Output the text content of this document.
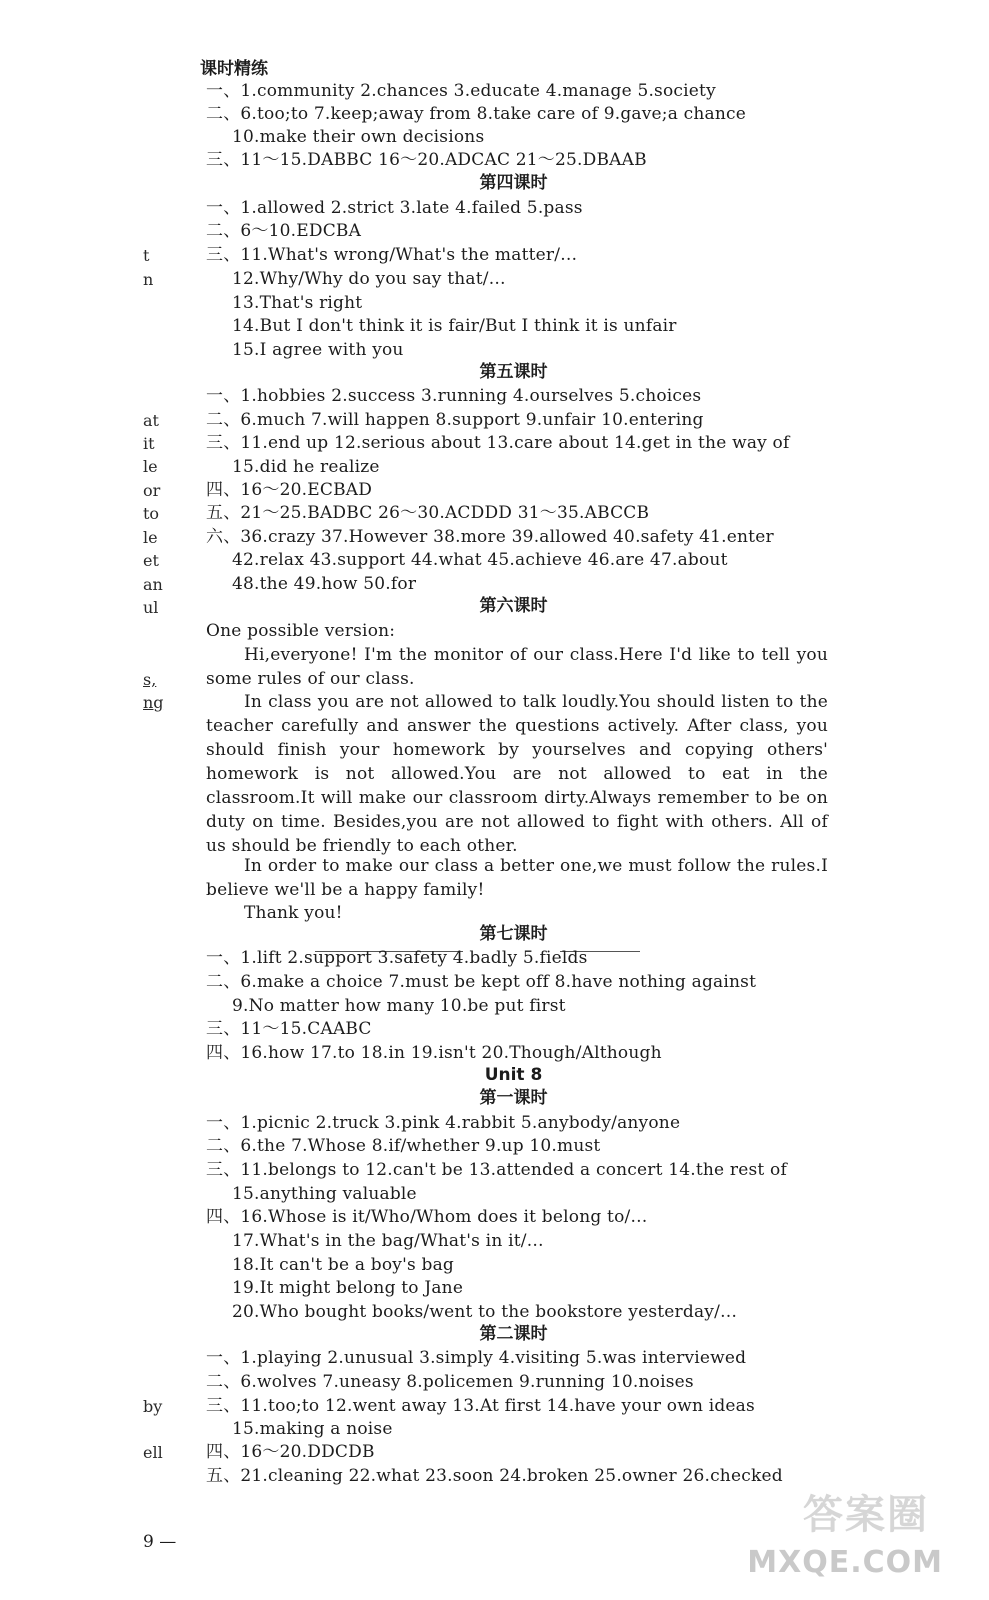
t
n
at
it
le
or
to
le
et
an
ul
s,
ng
by
ell
课时精练
一、1.community 2.chances 3.educate 4.manage 5.society
二、6.too;to 7.keep;away from 8.take care of 9.gave;a chance
10.make their own decisions
三、11～15.DABBC 16～20.ADCAC 21～25.DBAAB
第四课时
一、1.allowed 2.strict 3.late 4.failed 5.pass
二、6～10.EDCBA
三、11.What's wrong/What's the matter/…
12.Why/Why do you say that/…
13.That's right
14.But I don't think it is fair/But I think it is unfair
15.I agree with you
第五课时
一、1.hobbies 2.success 3.running 4.ourselves 5.choices
二、6.much 7.will happen 8.support 9.unfair 10.entering
三、11.end up 12.serious about 13.care about 14.get in the way of
15.did he realize
四、16～20.ECBAD
五、21～25.BADBC 26～30.ACDDD 31～35.ABCCB
六、36.crazy 37.However 38.more 39.allowed 40.safety 41.enter
42.relax 43.support 44.what 45.achieve 46.are 47.about
48.the 49.how 50.for
第六课时
One possible version:
Hi,everyone! I'm the monitor of our class.Here I'd like to tell you some rules of our class.
In class you are not allowed to talk loudly.You should listen to the teacher carefully and answer the questions actively. After class, you should finish your homework by yourselves and copying others' homework is not allowed.You are not allowed to eat in the classroom.It will make our classroom dirty.Always remember to be on duty on time. Besides,you are not allowed to fight with others. All of us should be friendly to each other.
In order to make our class a better one,we must follow the rules.I believe we'll be a happy family!
Thank you!
第七课时
一、1.lift 2.support 3.safety 4.badly 5.fields
二、6.make a choice 7.must be kept off 8.have nothing against
9.No matter how many 10.be put first
三、11～15.CAABC
四、16.how 17.to 18.in 19.isn't 20.Though/Although
Unit 8
第一课时
一、1.picnic 2.truck 3.pink 4.rabbit 5.anybody/anyone
二、6.the 7.Whose 8.if/whether 9.up 10.must
三、11.belongs to 12.can't be 13.attended a concert 14.the rest of
15.anything valuable
四、16.Whose is it/Who/Whom does it belong to/…
17.What's in the bag/What's in it/…
18.It can't be a boy's bag
19.It might belong to Jane
20.Who bought books/went to the bookstore yesterday/…
第二课时
一、1.playing 2.unusual 3.simply 4.visiting 5.was interviewed
二、6.wolves 7.uneasy 8.policemen 9.running 10.noises
三、11.too;to 12.went away 13.At first 14.have your own ideas
15.making a noise
四、16～20.DDCDB
五、21.cleaning 22.what 23.soon 24.broken 25.owner 26.checked
9 —
答案圈
MXQE.COM
